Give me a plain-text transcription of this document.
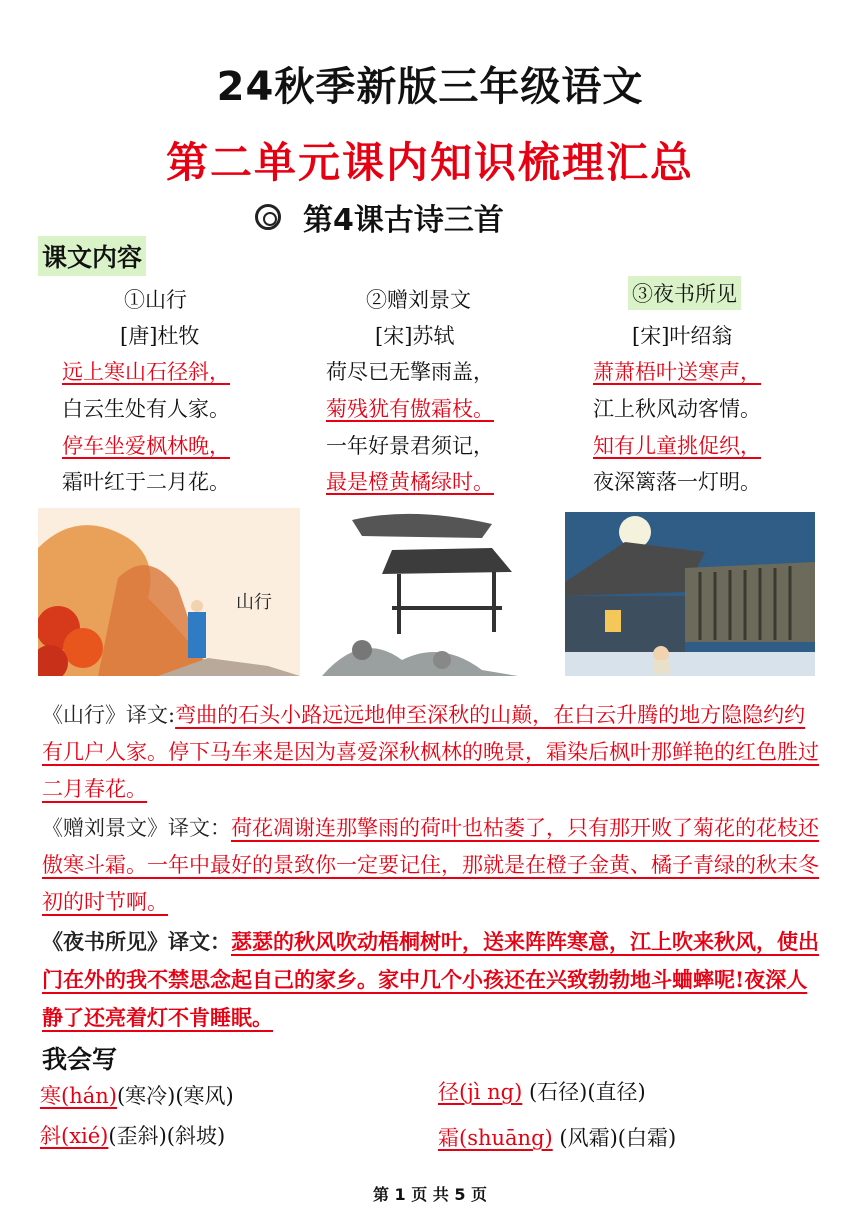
24秋季新版三年级语文
第二单元课内知识梳理汇总
第4课古诗三首
课文内容
①山行
[唐]杜牧
远上寒山石径斜，
白云生处有人家。
停车坐爱枫林晚，
霜叶红于二月花。
②赠刘景文
[宋]苏轼
荷尽已无擎雨盖，
菊残犹有傲霜枝。
一年好景君须记，
最是橙黄橘绿时。
③夜书所见
[宋]叶绍翁
萧萧梧叶送寒声，
江上秋风动客情。
知有儿童挑促织，
夜深篱落一灯明。
山行
《山行》译文:弯曲的石头小路远远地伸至深秋的山巅，在白云升腾的地方隐隐约约有几户人家。停下马车来是因为喜爱深秋枫林的晚景，霜染后枫叶那鲜艳的红色胜过二月春花。
《赠刘景文》译文：荷花凋谢连那擎雨的荷叶也枯萎了，只有那开败了菊花的花枝还傲寒斗霜。一年中最好的景致你一定要记住，那就是在橙子金黄、橘子青绿的秋末冬初的时节啊。
《夜书所见》译文：瑟瑟的秋风吹动梧桐树叶，送来阵阵寒意，江上吹来秋风，使出门在外的我不禁思念起自己的家乡。家中几个小孩还在兴致勃勃地斗蛐蟀呢!夜深人静了还亮着灯不肯睡眠。
我会写
寒(hán)(寒冷)(寒风)	径(jì ng) (石径)(直径)
斜(xié)(歪斜)(斜坡)	霜(shuāng) (风霜)(白霜)
第 1 页 共 5 页
